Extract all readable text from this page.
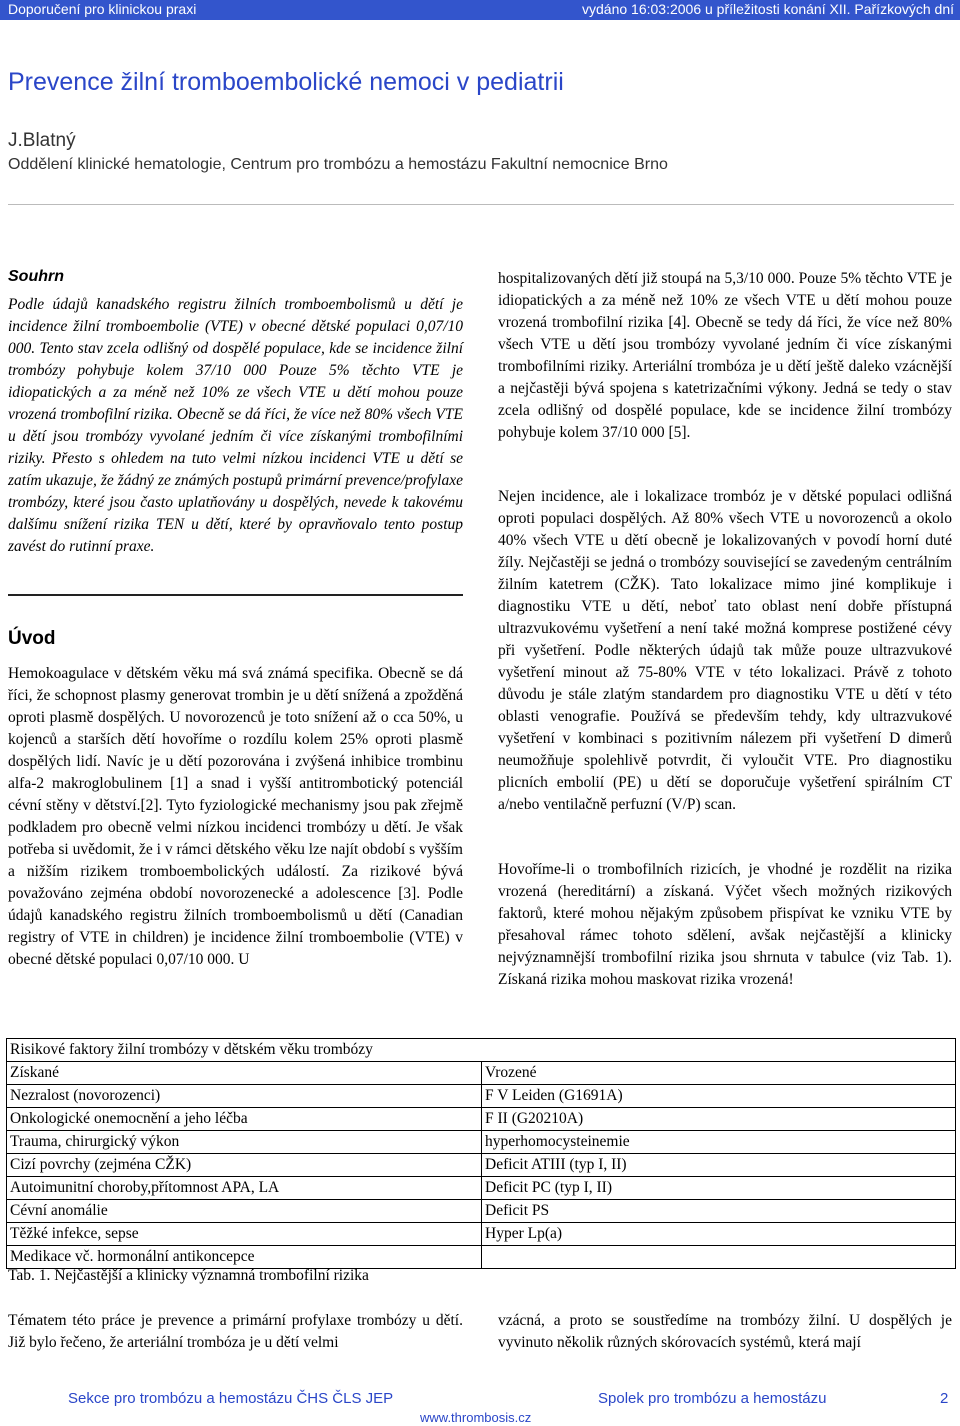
Doporučení pro klinickou praxi	vydáno 16:03:2006 u příležitosti konání XII. Pařízkových dní
Prevence žilní tromboembolické nemoci v pediatrii
J.Blatný
Oddělení klinické hematologie, Centrum pro trombózu a hemostázu Fakultní nemocnice Brno
Souhrn
Podle údajů kanadského registru žilních tromboembolismů u dětí je incidence žilní tromboembolie (VTE) v obecné dětské populaci 0,07/10 000. Tento stav zcela odlišný od dospělé populace, kde se incidence žilní trombózy pohybuje kolem 37/10 000 Pouze 5% těchto VTE je idiopatických a za méně než 10% ze všech VTE u dětí mohou pouze vrozená trombofilní rizika. Obecně se dá říci, že více než 80% všech VTE u dětí jsou trombózy vyvolané jedním či více získanými trombofilními riziky. Přesto s ohledem na tuto velmi nízkou incidenci VTE u dětí se zatím ukazuje, že žádný ze známých postupů primární prevence/profylaxe trombózy, které jsou často uplatňovány u dospělých, nevede k takovému dalšímu snížení rizika TEN u dětí, které by opravňovalo tento postup zavést do rutinní praxe.
Úvod
Hemokoagulace v dětském věku má svá známá specifika. Obecně se dá říci, že schopnost plasmy generovat trombin je u dětí snížená a zpožděná oproti plasmě dospělých. U novorozenců je toto snížení až o cca 50%, u kojenců a starších dětí hovoříme o rozdílu kolem 25% oproti plasmě dospělých lidí. Navíc je u dětí pozorována i zvýšená inhibice trombinu alfa-2 makroglobulinem [1] a snad i vyšší antitrombotický potenciál cévní stěny v dětství.[2]. Tyto fyziologické mechanismy jsou pak zřejmě podkladem pro obecně velmi nízkou incidenci trombózy u dětí. Je však potřeba si uvědomit, že i v rámci dětského věku lze najít období s vyšším a nižším rizikem tromboembolických událostí. Za rizikové bývá považováno zejména období novorozenecké a adolescence [3]. Podle údajů kanadského registru žilních tromboembolismů u dětí (Canadian registry of VTE in children) je incidence žilní tromboembolie (VTE) v obecné dětské populaci 0,07/10 000. U
hospitalizovaných dětí již stoupá na 5,3/10 000. Pouze 5% těchto VTE je idiopatických a za méně než 10% ze všech VTE u dětí mohou pouze vrozená trombofilní rizika [4]. Obecně se tedy dá říci, že více než 80% všech VTE u dětí jsou trombózy vyvolané jedním či více získanými trombofilními riziky. Arteriální trombóza je u dětí ještě daleko vzácnější a nejčastěji bývá spojena s katetrizačními výkony. Jedná se tedy o stav zcela odlišný od dospělé populace, kde se incidence žilní trombózy pohybuje kolem 37/10 000 [5].
Nejen incidence, ale i lokalizace trombóz je v dětské populaci odlišná oproti populaci dospělých. Až 80% všech VTE u novorozenců a okolo 40% všech VTE u dětí obecně je lokalizovaných v povodí horní duté žíly. Nejčastěji se jedná o trombózy související se zavedeným centrálním žilním katetrem (CŽK). Tato lokalizace mimo jiné komplikuje i diagnostiku VTE u dětí, neboť tato oblast není dobře přístupná ultrazvukovému vyšetření a není také možná komprese postižené cévy při vyšetření. Podle některých údajů tak může pouze ultrazvukové vyšetření minout až 75-80% VTE v této lokalizaci. Právě z tohoto důvodu je stále zlatým standardem pro diagnostiku VTE u dětí v této oblasti venografie. Používá se především tehdy, kdy ultrazvukové vyšetření v kombinaci s pozitivním nálezem při vyšetření D dimerů neumožňuje spolehlivě potvrdit, či vyloučit VTE. Pro diagnostiku plicních embolií (PE) u dětí se doporučuje vyšetření spirálním CT a/nebo ventilačně perfuzní (V/P) scan.
Hovoříme-li o trombofilních rizicích, je vhodné je rozdělit na rizika vrozená (hereditární) a získaná. Výčet všech možných rizikových faktorů, které mohou nějakým způsobem přispívat ke vzniku VTE by přesahoval rámec tohoto sdělení, avšak nejčastější a klinicky nejvýznamnější trombofilní rizika jsou shrnuta v tabulce (viz Tab. 1). Získaná rizika mohou maskovat rizika vrozená!
Risikové faktory žilní trombózy v dětském věku trombózy	
Získané	Vrozené
Nezralost (novorozenci)	F V Leiden (G1691A)
Onkologické onemocnění a jeho léčba	F II (G20210A)
Trauma, chirurgický výkon	hyperhomocysteinemie
Cizí povrchy (zejména CŽK)	Deficit ATIII (typ I, II)
Autoimunitní choroby,přítomnost APA, LA	Deficit PC (typ I, II)
Cévní anomálie	Deficit PS
Těžké infekce, sepse	Hyper Lp(a)
Medikace vč. hormonální antikoncepce	
Tab. 1. Nejčastější a klinicky významná trombofilní rizika
Tématem této práce je prevence a primární profylaxe trombózy u dětí. Již bylo řečeno, že arteriální trombóza je u dětí velmi
vzácná, a proto se soustředíme na trombózy žilní. U dospělých je vyvinuto několik různých skórovacích systémů, která mají
Sekce pro trombózu a hemostázu ČHS ČLS JEP	Spolek pro trombózu a hemostázu	2
www.thrombosis.cz
